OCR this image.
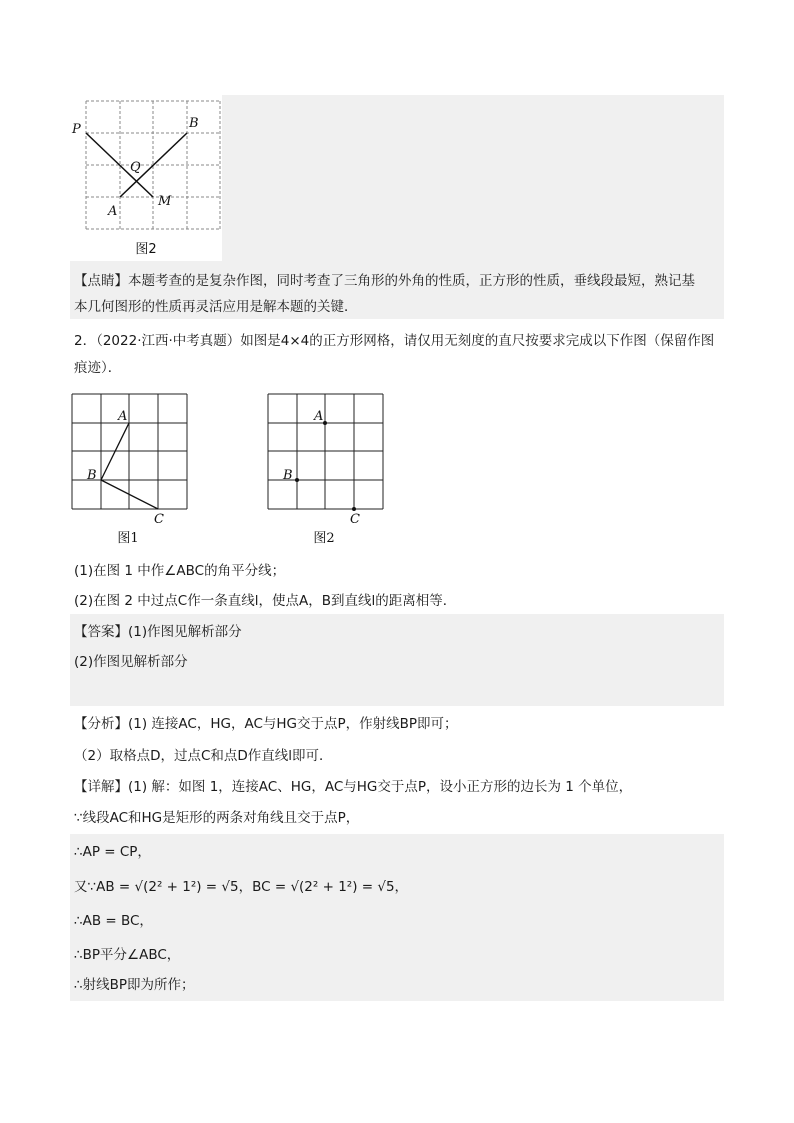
P	B
Q
A
M
图2
【点睛】本题考查的是复杂作图，同时考查了三角形的外角的性质，正方形的性质，垂线段最短，熟记基
本几何图形的性质再灵活应用是解本题的关键．
2．（2022·江西·中考真题）如图是4×4的正方形网格，请仅用无刻度的直尺按要求完成以下作图（保留作图
痕迹）．
A
B
C
图1
A
B
C
图2
(1)在图 1 中作∠ABC的角平分线；
(2)在图 2 中过点C作一条直线l，使点A，B到直线l的距离相等．
【答案】(1)作图见解析部分
(2)作图见解析部分
【分析】(1) 连接AC，HG，AC与HG交于点P，作射线BP即可；
（2）取格点D，过点C和点D作直线l即可．
【详解】(1) 解：如图 1，连接AC、HG，AC与HG交于点P，设小正方形的边长为 1 个单位，
∵线段AC和HG是矩形的两条对角线且交于点P，
∴AP = CP，
又∵AB = √(2² + 1²) = √5，BC = √(2² + 1²) = √5，
∴AB = BC，
∴BP平分∠ABC，
∴射线BP即为所作；
